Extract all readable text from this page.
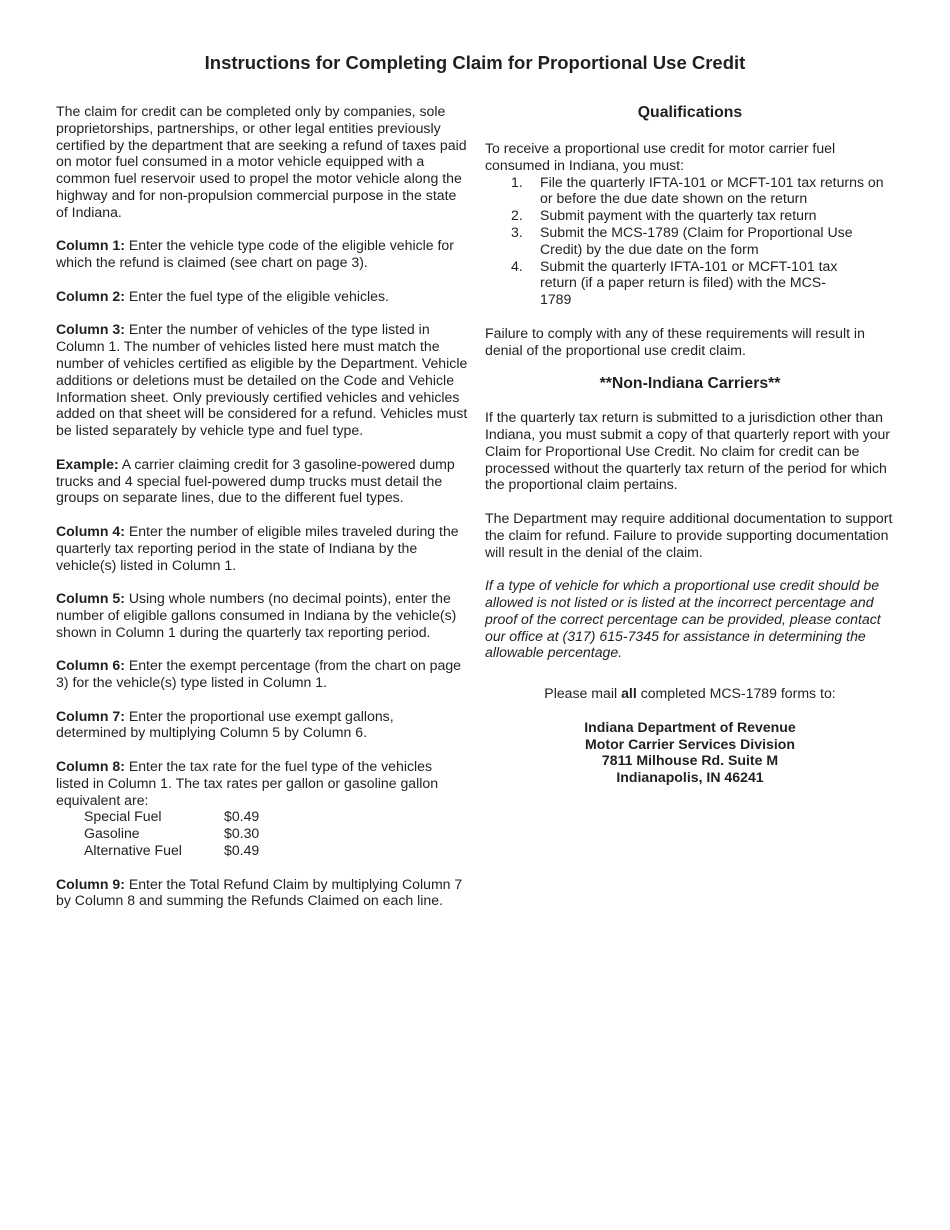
Instructions for Completing Claim for Proportional Use Credit

The claim for credit can be completed only by companies, sole proprietorships, partnerships, or other legal entities previously certified by the department that are seeking a refund of taxes paid on motor fuel consumed in a motor vehicle equipped with a common fuel reservoir used to propel the motor vehicle along the highway and for non-propulsion commercial purpose in the state of Indiana.

Column 1: Enter the vehicle type code of the eligible vehicle for which the refund is claimed (see chart on page 3).

Column 2: Enter the fuel type of the eligible vehicles.

Column 3: Enter the number of vehicles of the type listed in Column 1. The number of vehicles listed here must match the number of vehicles certified as eligible by the Department. Vehicle additions or deletions must be detailed on the Code and Vehicle Information sheet. Only previously certified vehicles and vehicles added on that sheet will be considered for a refund. Vehicles must be listed separately by vehicle type and fuel type.

Example: A carrier claiming credit for 3 gasoline-powered dump trucks and 4 special fuel-powered dump trucks must detail the groups on separate lines, due to the different fuel types.

Column 4: Enter the number of eligible miles traveled during the quarterly tax reporting period in the state of Indiana by the vehicle(s) listed in Column 1.

Column 5: Using whole numbers (no decimal points), enter the number of eligible gallons consumed in Indiana by the vehicle(s) shown in Column 1 during the quarterly tax reporting period.

Column 6: Enter the exempt percentage (from the chart on page 3) for the vehicle(s) type listed in Column 1.

Column 7: Enter the proportional use exempt gallons, determined by multiplying Column 5 by Column 6.

Column 8: Enter the tax rate for the fuel type of the vehicles listed in Column 1. The tax rates per gallon or gasoline gallon equivalent are:

Special Fuel	$0.49
Gasoline	$0.30
Alternative Fuel	$0.49

Column 9: Enter the Total Refund Claim by multiplying Column 7 by Column 8 and summing the Refunds Claimed on each line.

Qualifications

To receive a proportional use credit for motor carrier fuel consumed in Indiana, you must:

1. File the quarterly IFTA-101 or MCFT-101 tax returns on or before the due date shown on the return
2. Submit payment with the quarterly tax return
3. Submit the MCS-1789 (Claim for Proportional Use Credit) by the due date on the form
4. Submit the quarterly IFTA-101 or MCFT-101 tax return (if a paper return is filed) with the MCS-1789

Failure to comply with any of these requirements will result in denial of the proportional use credit claim.

**Non-Indiana Carriers**

If the quarterly tax return is submitted to a jurisdiction other than Indiana, you must submit a copy of that quarterly report with your Claim for Proportional Use Credit. No claim for credit can be processed without the quarterly tax return of the period for which the proportional claim pertains.

The Department may require additional documentation to support the claim for refund. Failure to provide supporting documentation will result in the denial of the claim.

If a type of vehicle for which a proportional use credit should be allowed is not listed or is listed at the incorrect percentage and proof of the correct percentage can be provided, please contact our office at (317) 615-7345 for assistance in determining the allowable percentage.

Please mail all completed MCS-1789 forms to:
Indiana Department of Revenue
Motor Carrier Services Division
7811 Milhouse Rd. Suite M
Indianapolis, IN 46241
